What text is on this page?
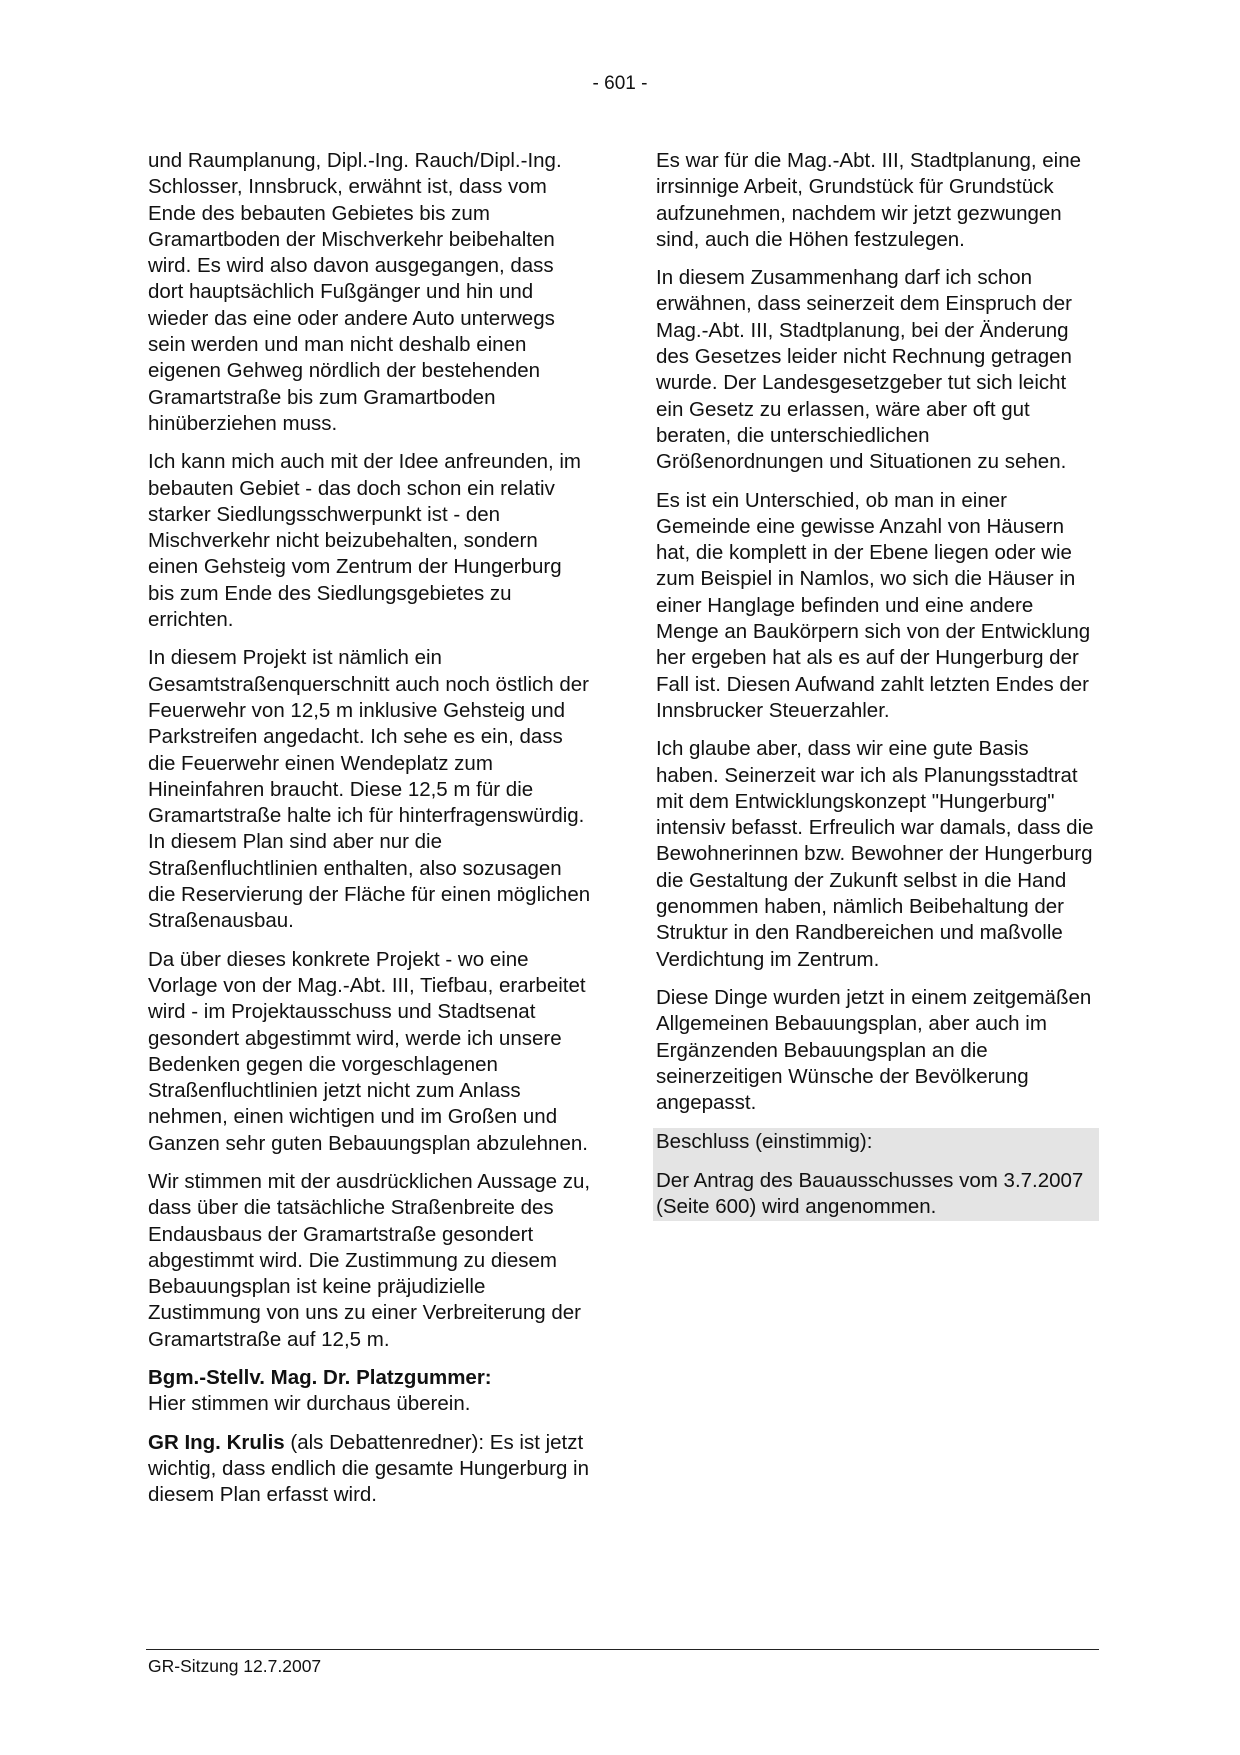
- 601 -

und Raumplanung, Dipl.-Ing. Rauch/Dipl.-Ing. Schlosser, Innsbruck, erwähnt ist, dass vom Ende des bebauten Gebietes bis zum Gramartboden der Mischverkehr beibehalten wird. Es wird also davon ausgegangen, dass dort hauptsächlich Fußgänger und hin und wieder das eine oder andere Auto unterwegs sein werden und man nicht deshalb einen eigenen Gehweg nördlich der bestehenden Gramartstraße bis zum Gramartboden hinüberziehen muss.

Ich kann mich auch mit der Idee anfreunden, im bebauten Gebiet - das doch schon ein relativ starker Siedlungsschwerpunkt ist - den Mischverkehr nicht beizubehalten, sondern einen Gehsteig vom Zentrum der Hungerburg bis zum Ende des Siedlungsgebietes zu errichten.

In diesem Projekt ist nämlich ein Gesamtstraßenquerschnitt auch noch östlich der Feuerwehr von 12,5 m inklusive Gehsteig und Parkstreifen angedacht. Ich sehe es ein, dass die Feuerwehr einen Wendeplatz zum Hineinfahren braucht. Diese 12,5 m für die Gramartstraße halte ich für hinterfragenswürdig. In diesem Plan sind aber nur die Straßenfluchtlinien enthalten, also sozusagen die Reservierung der Fläche für einen möglichen Straßenausbau.

Da über dieses konkrete Projekt - wo eine Vorlage von der Mag.-Abt. III, Tiefbau, erarbeitet wird - im Projektausschuss und Stadtsenat gesondert abgestimmt wird, werde ich unsere Bedenken gegen die vorgeschlagenen Straßenfluchtlinien jetzt nicht zum Anlass nehmen, einen wichtigen und im Großen und Ganzen sehr guten Bebauungsplan abzulehnen.

Wir stimmen mit der ausdrücklichen Aussage zu, dass über die tatsächliche Straßenbreite des Endausbaus der Gramartstraße gesondert abgestimmt wird. Die Zustimmung zu diesem Bebauungsplan ist keine präjudizielle Zustimmung von uns zu einer Verbreiterung der Gramartstraße auf 12,5 m.

Bgm.-Stellv. Mag. Dr. Platzgummer:
Hier stimmen wir durchaus überein.

GR Ing. Krulis (als Debattenredner): Es ist jetzt wichtig, dass endlich die gesamte Hungerburg in diesem Plan erfasst wird.

Es war für die Mag.-Abt. III, Stadtplanung, eine irrsinnige Arbeit, Grundstück für Grundstück aufzunehmen, nachdem wir jetzt gezwungen sind, auch die Höhen festzulegen.

In diesem Zusammenhang darf ich schon erwähnen, dass seinerzeit dem Einspruch der Mag.-Abt. III, Stadtplanung, bei der Änderung des Gesetzes leider nicht Rechnung getragen wurde. Der Landesgesetzgeber tut sich leicht ein Gesetz zu erlassen, wäre aber oft gut beraten, die unterschiedlichen Größenordnungen und Situationen zu sehen.

Es ist ein Unterschied, ob man in einer Gemeinde eine gewisse Anzahl von Häusern hat, die komplett in der Ebene liegen oder wie zum Beispiel in Namlos, wo sich die Häuser in einer Hanglage befinden und eine andere Menge an Baukörpern sich von der Entwicklung her ergeben hat als es auf der Hungerburg der Fall ist. Diesen Aufwand zahlt letzten Endes der Innsbrucker Steuerzahler.

Ich glaube aber, dass wir eine gute Basis haben. Seinerzeit war ich als Planungsstadtrat mit dem Entwicklungskonzept "Hungerburg" intensiv befasst. Erfreulich war damals, dass die Bewohnerinnen bzw. Bewohner der Hungerburg die Gestaltung der Zukunft selbst in die Hand genommen haben, nämlich Beibehaltung der Struktur in den Randbereichen und maßvolle Verdichtung im Zentrum.

Diese Dinge wurden jetzt in einem zeitgemäßen Allgemeinen Bebauungsplan, aber auch im Ergänzenden Bebauungsplan an die seinerzeitigen Wünsche der Bevölkerung angepasst.

Beschluss (einstimmig):

Der Antrag des Bauausschusses vom 3.7.2007 (Seite 600) wird angenommen.

GR-Sitzung 12.7.2007
